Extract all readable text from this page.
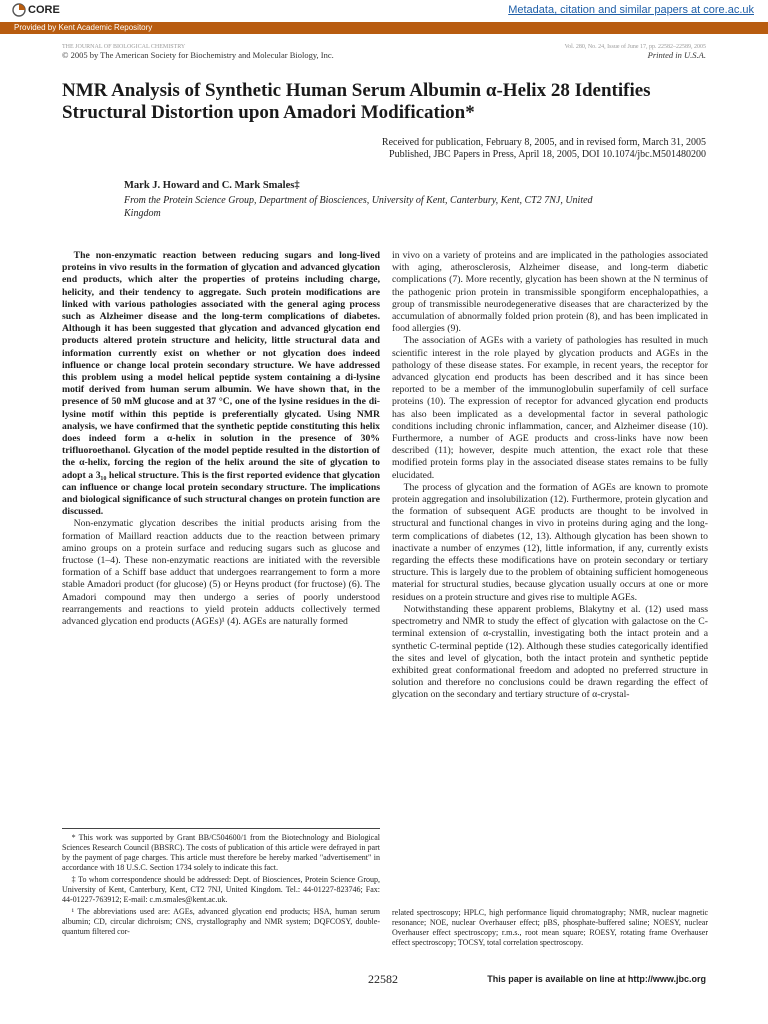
CORE	Metadata, citation and similar papers at core.ac.uk
Provided by Kent Academic Repository
THE JOURNAL OF BIOLOGICAL CHEMISTRY
© 2005 by The American Society for Biochemistry and Molecular Biology, Inc.
Vol. 280, No. 24, Issue of June 17, pp. 22582–22589, 2005
Printed in U.S.A.
NMR Analysis of Synthetic Human Serum Albumin α-Helix 28 Identifies Structural Distortion upon Amadori Modification*
Received for publication, February 8, 2005, and in revised form, March 31, 2005
Published, JBC Papers in Press, April 18, 2005, DOI 10.1074/jbc.M501480200
Mark J. Howard and C. Mark Smales‡
From the Protein Science Group, Department of Biosciences, University of Kent, Canterbury, Kent, CT2 7NJ, United Kingdom

The non-enzymatic reaction between reducing sugars and long-lived proteins in vivo results in the formation of glycation and advanced glycation end products, which alter the properties of proteins including charge, helicity, and their tendency to aggregate. Such protein modifications are linked with various pathologies associated with the general aging process such as Alzheimer disease and the long-term complications of diabetes. Although it has been suggested that glycation and advanced glycation end products altered protein structure and helicity, little structural data and information currently exist on whether or not glycation does indeed influence or change local protein secondary structure. We have addressed this problem using a model helical peptide system containing a di-lysine motif derived from human serum albumin. We have shown that, in the presence of 50 mM glucose and at 37 °C, one of the lysine residues in the di-lysine motif within this peptide is preferentially glycated. Using NMR analysis, we have confirmed that the synthetic peptide constituting this helix does indeed form a α-helix in solution in the presence of 30% trifluoroethanol. Glycation of the model peptide resulted in the distortion of the α-helix, forcing the region of the helix around the site of glycation to adopt a 3₁₀ helical structure. This is the first reported evidence that glycation can influence or change local protein secondary structure. The implications and biological significance of such structural changes on protein function are discussed.

Non-enzymatic glycation describes the initial products arising from the formation of Maillard reaction adducts due to the reaction between primary amino groups on a protein surface and reducing sugars such as glucose and fructose (1–4). These non-enzymatic reactions are initiated with the reversible formation of a Schiff base adduct that undergoes rearrangement to form a more stable Amadori product (for glucose) (5) or Heyns product (for fructose) (6). The Amadori compound may then undergo a series of poorly understood rearrangements and reactions to yield protein adducts collectively termed advanced glycation end products (AGEs)¹ (4). AGEs are naturally formed

in vivo on a variety of proteins and are implicated in the pathologies associated with aging, atherosclerosis, Alzheimer disease, and long-term diabetic complications (7). More recently, glycation has been shown at the N terminus of the pathogenic prion protein in transmissible spongiform encephalopathies, a group of transmissible neurodegenerative diseases that are characterized by the accumulation of abnormally folded prion protein (8), and has been implicated in food allergies (9).

The association of AGEs with a variety of pathologies has resulted in much scientific interest in the role played by glycation products and AGEs in the pathology of these disease states. For example, in recent years, the receptor for advanced glycation end products has been described and it has since been reported to be a member of the immunoglobulin superfamily of cell surface proteins (10). The expression of receptor for advanced glycation end products has also been implicated as a developmental factor in several pathologic conditions including chronic inflammation, cancer, and Alzheimer disease (10). Furthermore, a number of AGE products and cross-links have now been described (11); however, despite much attention, the exact role that these modified protein forms play in the associated disease states remains to be fully elucidated.

The process of glycation and the formation of AGEs are known to promote protein aggregation and insolubilization (12). Furthermore, protein glycation and the formation of subsequent AGE products are thought to be involved in structural and functional changes in vivo in proteins during aging and the long-term complications of diabetes (12, 13). Although glycation has been shown to inactivate a number of enzymes (12), little information, if any, currently exists regarding the effects these modifications have on protein secondary or tertiary structure. This is largely due to the problem of obtaining sufficient homogeneous material for structural studies, because glycation usually occurs at one or more residues on a protein structure and gives rise to multiple AGEs.

Notwithstanding these apparent problems, Blakytny et al. (12) used mass spectrometry and NMR to study the effect of glycation with galactose on the C-terminal extension of α-crystallin, investigating both the intact protein and a synthetic C-terminal peptide (12). Although these studies categorically identified the sites and level of glycation, both the intact protein and synthetic peptide exhibited great conformational freedom and adopted no preferred structure in solution and therefore no conclusions could be drawn regarding the effect of glycation on the secondary and tertiary structure of α-crystal-

* This work was supported by Grant BB/C504600/1 from the Biotechnology and Biological Sciences Research Council (BBSRC). The costs of publication of this article were defrayed in part by the payment of page charges. This article must therefore be hereby marked "advertisement" in accordance with 18 U.S.C. Section 1734 solely to indicate this fact.

‡ To whom correspondence should be addressed: Dept. of Biosciences, Protein Science Group, University of Kent, Canterbury, Kent, CT2 7NJ, United Kingdom. Tel.: 44-01227-823746; Fax: 44-01227-763912; E-mail: c.m.smales@kent.ac.uk.

¹ The abbreviations used are: AGEs, advanced glycation end products; HSA, human serum albumin; CD, circular dichroism; CNS, crystallography and NMR system; DQFCOSY, double-quantum filtered cor-

related spectroscopy; HPLC, high performance liquid chromatography; NMR, nuclear magnetic resonance; NOE, nuclear Overhauser effect; pBS, phosphate-buffered saline; NOESY, nuclear Overhauser effect spectroscopy; r.m.s., root mean square; ROESY, rotating frame Overhauser effect spectroscopy; TOCSY, total correlation spectroscopy.
22582	This paper is available on line at http://www.jbc.org
